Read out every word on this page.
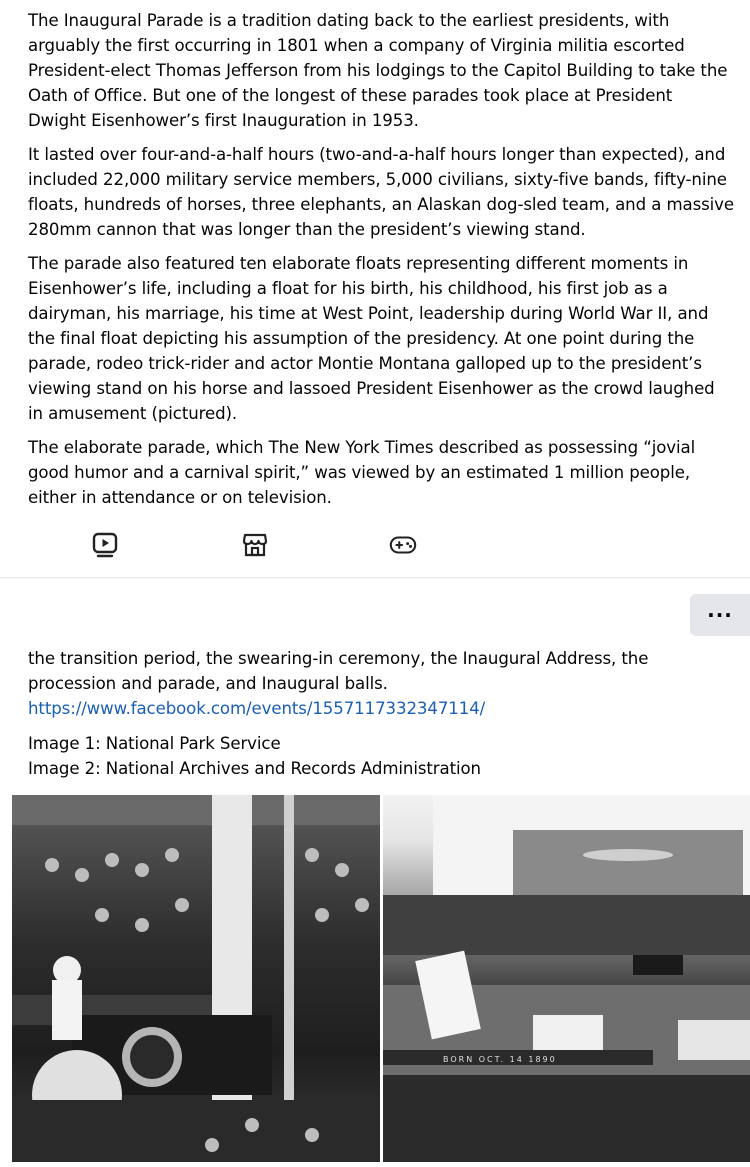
The Inaugural Parade is a tradition dating back to the earliest presidents, with arguably the first occurring in 1801 when a company of Virginia militia escorted President-elect Thomas Jefferson from his lodgings to the Capitol Building to take the Oath of Office. But one of the longest of these parades took place at President Dwight Eisenhower’s first Inauguration in 1953.

It lasted over four-and-a-half hours (two-and-a-half hours longer than expected), and included 22,000 military service members, 5,000 civilians, sixty-five bands, fifty-nine floats, hundreds of horses, three elephants, an Alaskan dog-sled team, and a massive 280mm cannon that was longer than the president’s viewing stand.

The parade also featured ten elaborate floats representing different moments in Eisenhower’s life, including a float for his birth, his childhood, his first job as a dairyman, his marriage, his time at West Point, leadership during World War II, and the final float depicting his assumption of the presidency. At one point during the parade, rodeo trick-rider and actor Montie Montana galloped up to the president’s viewing stand on his horse and lassoed President Eisenhower as the crowd laughed in amusement (pictured).

The elaborate parade, which The New York Times described as possessing “jovial good humor and a carnival spirit,” was viewed by an estimated 1 million people, either in attendance or on television.

···

the transition period, the swearing-in ceremony, the Inaugural Address, the

procession and parade, and Inaugural balls.

https://www.facebook.com/events/1557117332347114/

Image 1: National Park Service

Image 2: National Archives and Records Administration

BORN OCT. 14 1890
